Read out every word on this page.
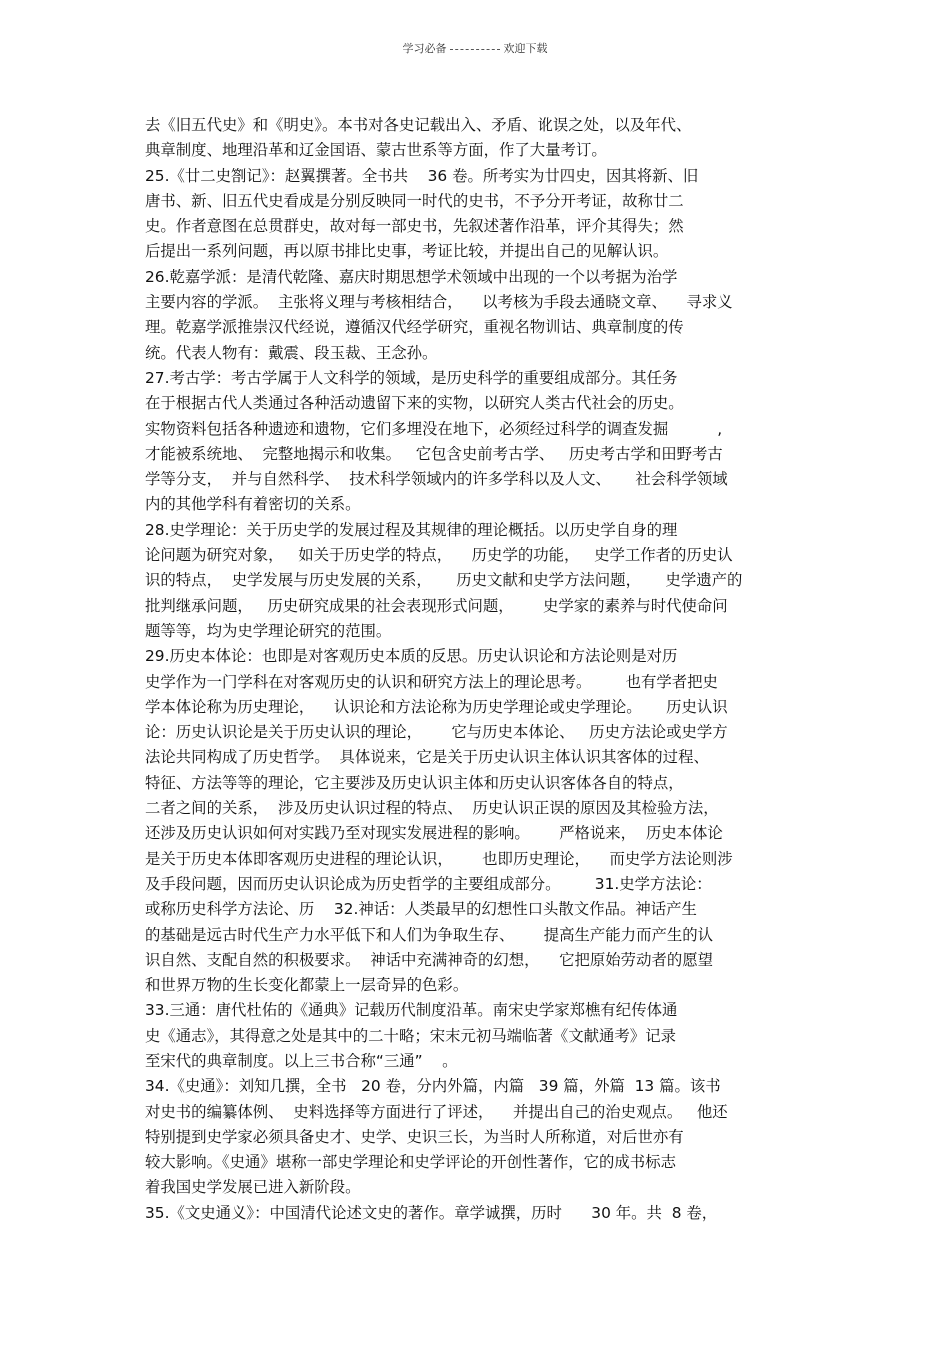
学习必备	欢迎下载
去《旧五代史》和《明史》。本书对各史记载出入、矛盾、讹误之处，以及年代、
典章制度、地理沿革和辽金国语、蒙古世系等方面，作了大量考订。
25.《廿二史劄记》：赵翼撰著。全书共    36 卷。所考实为廿四史，因其将新、旧
唐书、新、旧五代史看成是分别反映同一时代的史书，不予分开考证，故称廿二
史。作者意图在总贯群史，故对每一部史书，先叙述著作沿革，评介其得失；然
后提出一系列问题，再以原书排比史事，考证比较，并提出自己的见解认识。
26.乾嘉学派：是清代乾隆、嘉庆时期思想学术领域中出现的一个以考据为治学
主要内容的学派。  主张将义理与考核相结合，    以考核为手段去通晓文章、    寻求义
理。乾嘉学派推崇汉代经说，遵循汉代经学研究，重视名物训诂、典章制度的传
统。代表人物有：戴震、段玉裁、王念孙。
27.考古学：考古学属于人文科学的领域，是历史科学的重要组成部分。其任务
在于根据古代人类通过各种活动遗留下来的实物，以研究人类古代社会的历史。
实物资料包括各种遗迹和遗物，它们多埋没在地下，必须经过科学的调查发掘          ,
才能被系统地、  完整地揭示和收集。   它包含史前考古学、   历史考古学和田野考古
学等分支，  并与自然科学、  技术科学领域内的许多学科以及人文、     社会科学领域
内的其他学科有着密切的关系。
28.史学理论：关于历史学的发展过程及其规律的理论概括。以历史学自身的理
论问题为研究对象，   如关于历史学的特点，    历史学的功能，   史学工作者的历史认
识的特点，  史学发展与历史发展的关系，     历史文献和史学方法问题，     史学遗产的
批判继承问题，   历史研究成果的社会表现形式问题，      史学家的素养与时代使命问
题等等，均为史学理论研究的范围。
29.历史本体论：也即是对客观历史本质的反思。历史认识论和方法论则是对历
史学作为一门学科在对客观历史的认识和研究方法上的理论思考。       也有学者把史
学本体论称为历史理论，    认识论和方法论称为历史学理论或史学理论。     历史认识
论：历史认识论是关于历史认识的理论，      它与历史本体论、   历史方法论或史学方
法论共同构成了历史哲学。  具体说来，它是关于历史认识主体认识其客体的过程、
特征、方法等等的理论，它主要涉及历史认识主体和历史认识客体各自的特点，
二者之间的关系，  涉及历史认识过程的特点、  历史认识正误的原因及其检验方法，
还涉及历史认识如何对实践乃至对现实发展进程的影响。      严格说来，  历史本体论
是关于历史本体即客观历史进程的理论认识，      也即历史理论，    而史学方法论则涉
及手段问题，因而历史认识论成为历史哲学的主要组成部分。       31.史学方法论：
或称历史科学方法论、历    32.神话：人类最早的幻想性口头散文作品。神话产生
的基础是远古时代生产力水平低下和人们为争取生存、      提高生产能力而产生的认
识自然、支配自然的积极要求。  神话中充满神奇的幻想，    它把原始劳动者的愿望
和世界万物的生长变化都蒙上一层奇异的色彩。
33.三通：唐代杜佑的《通典》记载历代制度沿革。南宋史学家郑樵有纪传体通
史《通志》，其得意之处是其中的二十略；宋末元初马端临著《文献通考》记录
至宋代的典章制度。以上三书合称“三通”    。
34.《史通》：刘知几撰，全书   20 卷，分内外篇，内篇   39 篇，外篇  13 篇。该书
对史书的编纂体例、  史料选择等方面进行了评述，    并提出自己的治史观点。   他还
特别提到史学家必须具备史才、史学、史识三长，为当时人所称道，对后世亦有
较大影响。《史通》堪称一部史学理论和史学评论的开创性著作，它的成书标志
着我国史学发展已进入新阶段。
35.《文史通义》：中国清代论述文史的著作。章学诚撰，历时      30 年。共  8 卷，
